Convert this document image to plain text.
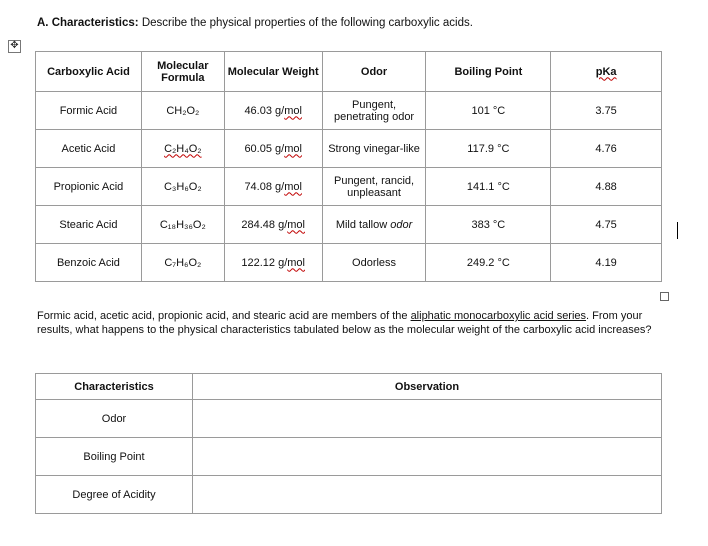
A. Characteristics: Describe the physical properties of the following carboxylic acids.
✥
Carboxylic Acid	Molecular Formula	Molecular Weight	Odor	Boiling Point	pKa
Formic Acid	CH₂O₂	46.03 g/mol	Pungent, penetrating odor	101 °C	3.75
Acetic Acid	C₂H₄O₂	60.05 g/mol	Strong vinegar-like	117.9 °C	4.76
Propionic Acid	C₃H₆O₂	74.08 g/mol	Pungent, rancid, unpleasant	141.1 °C	4.88
Stearic Acid	C₁₈H₃₆O₂	284.48 g/mol	Mild tallow odor	383 °C	4.75
Benzoic Acid	C₇H₆O₂	122.12 g/mol	Odorless	249.2 °C	4.19
Formic acid, acetic acid, propionic acid, and stearic acid are members of the aliphatic monocarboxylic acid series. From your results, what happens to the physical characteristics tabulated below as the molecular weight of the carboxylic acid increases?
Characteristics	Observation
Odor	
Boiling Point	
Degree of Acidity	
